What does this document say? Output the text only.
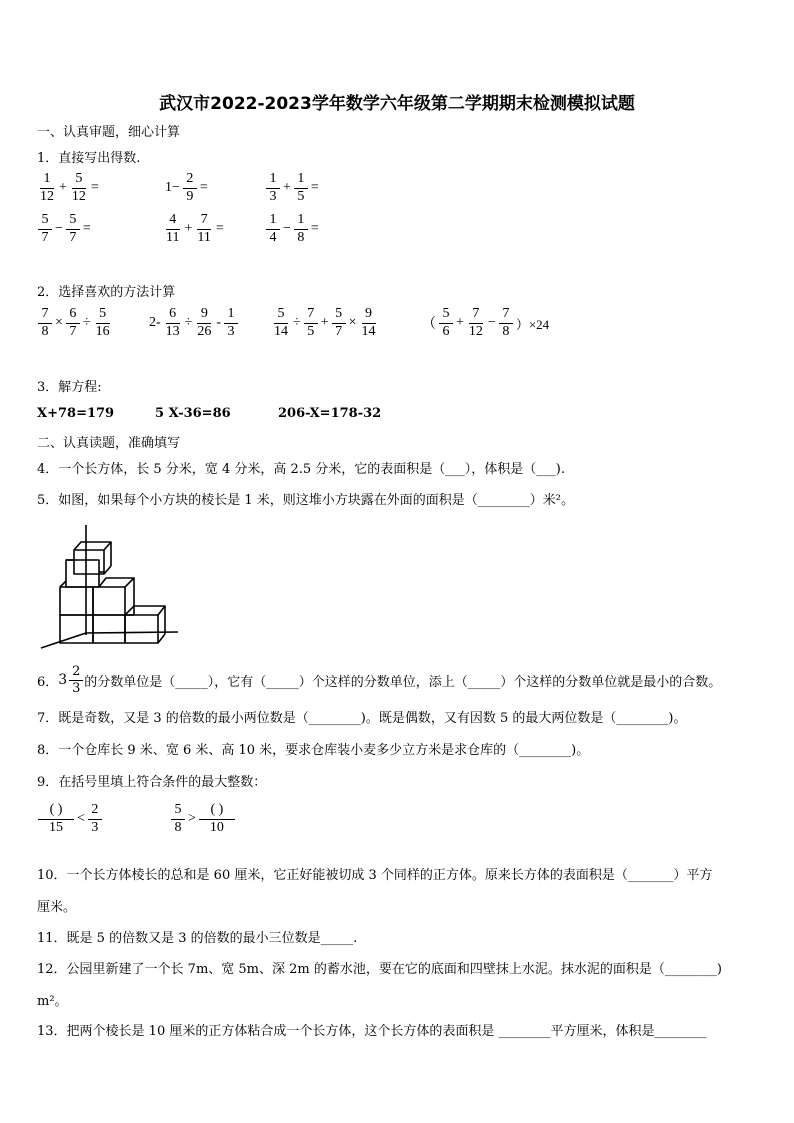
武汉市2022-2023学年数学六年级第二学期期末检测模拟试题
一、认真审题，细心计算
1．直接写出得数.
$\frac{1}{12} + \frac{5}{12}$ =	$1- \frac{2}{9}$ =	$\frac{1}{3} + \frac{1}{5}$ =
$\frac{5}{7} - \frac{5}{7}$ =	$\frac{4}{11} + \frac{7}{11}$ =	$\frac{1}{4} - \frac{1}{8}$ =
2．选择喜欢的方法计算
$\frac{7}{8} \times \frac{6}{7} \div \frac{5}{16}$	$2- \frac{6}{13} \div \frac{9}{26} - \frac{1}{3} \frac{5}{14} \div \frac{7}{5} + \frac{5}{7} \times \frac{9}{14}$	（ $\frac{5}{6} + \frac{7}{12} - \frac{7}{8} )\times 24$
3．解方程:
X+78=179	5 X-36=86	206-X=178-32
二、认真读题，准确填写
4．一个长方体，长 5 分米，宽 4 分米，高 2.5 分米，它的表面积是（___），体积是（___).
5．如图，如果每个小方块的棱长是 1 米，则这堆小方块露在外面的面积是（________）米²。
6． $3 \frac{2}{3}$ 的分数单位是（_____），它有（_____）个这样的分数单位，添上（_____）个这样的分数单位就是最小的合数。
7．既是奇数，又是 3 的倍数的最小两位数是（________)。既是偶数，又有因数 5 的最大两位数是（________)。
8．一个仓库长 9 米、宽 6 米、高 10 米，要求仓库装小麦多少立方米是求仓库的（________)。
9．在括号里填上符合条件的最大整数：
$\frac{( )}{15} < \frac{2}{3}$	$\frac{5}{8} > \frac{( )}{10}$
10．一个长方体棱长的总和是 60 厘米，它正好能被切成 3 个同样的正方体。原来长方体的表面积是（_______）平方
厘米。
11．既是 5 的倍数又是 3 的倍数的最小三位数是_____.
12．公园里新建了一个长 7m、宽 5m、深 2m 的蓄水池，要在它的底面和四壁抹上水泥。抹水泥的面积是（________)
m²。
13．把两个棱长是 10 厘米的正方体粘合成一个长方体，这个长方体的表面积是 ________平方厘米，体积是________
